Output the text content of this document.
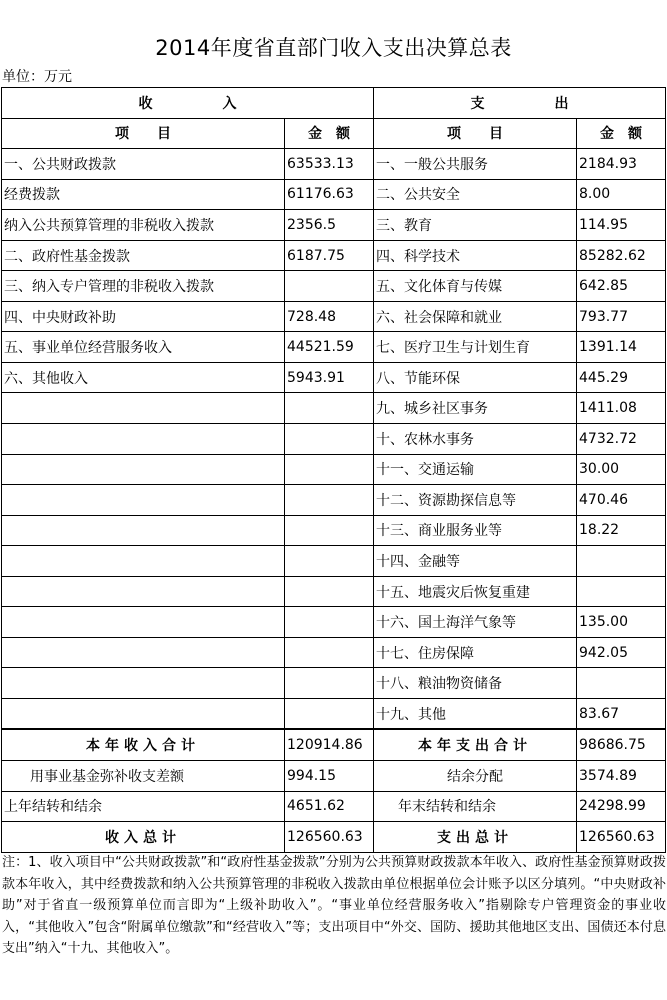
2014年度省直部门收入支出决算总表
单位：万元
收　　　　　入		支　　　　　出	
项　　目	金　额	项　　目	金　额
一、公共财政拨款	63533.13	一、一般公共服务	2184.93
经费拨款	61176.63	二、公共安全	8.00
纳入公共预算管理的非税收入拨款	2356.5	三、教育	114.95
二、政府性基金拨款	6187.75	四、科学技术	85282.62
三、纳入专户管理的非税收入拨款		五、文化体育与传媒	642.85
四、中央财政补助	728.48	六、社会保障和就业	793.77
五、事业单位经营服务收入	44521.59	七、医疗卫生与计划生育	1391.14
六、其他收入	5943.91	八、节能环保	445.29
		九、城乡社区事务	1411.08
		十、农林水事务	4732.72
		十一、交通运输	30.00
		十二、资源勘探信息等	470.46
		十三、商业服务业等	18.22
		十四、金融等	
		十五、地震灾后恢复重建	
		十六、国土海洋气象等	135.00
		十七、住房保障	942.05
		十八、粮油物资储备	
		十九、其他	83.67
本年收入合计	120914.86	本年支出合计	98686.75
用事业基金弥补收支差额	994.15	结余分配	3574.89
上年结转和结余	4651.62	年末结转和结余	24298.99
收入总计	126560.63	支出总计	126560.63
注：1、收入项目中“公共财政拨款”和“政府性基金拨款”分别为公共预算财政拨款本年收入、政府性基金预算财政拨款本年收入，其中经费拨款和纳入公共预算管理的非税收入拨款由单位根据单位会计账予以区分填列。“中央财政补助”对于省直一级预算单位而言即为“上级补助收入”。“事业单位经营服务收入”指剔除专户管理资金的事业收入，“其他收入”包含“附属单位缴款”和“经营收入”等；支出项目中“外交、国防、援助其他地区支出、国债还本付息支出”纳入“十九、其他收入”。
